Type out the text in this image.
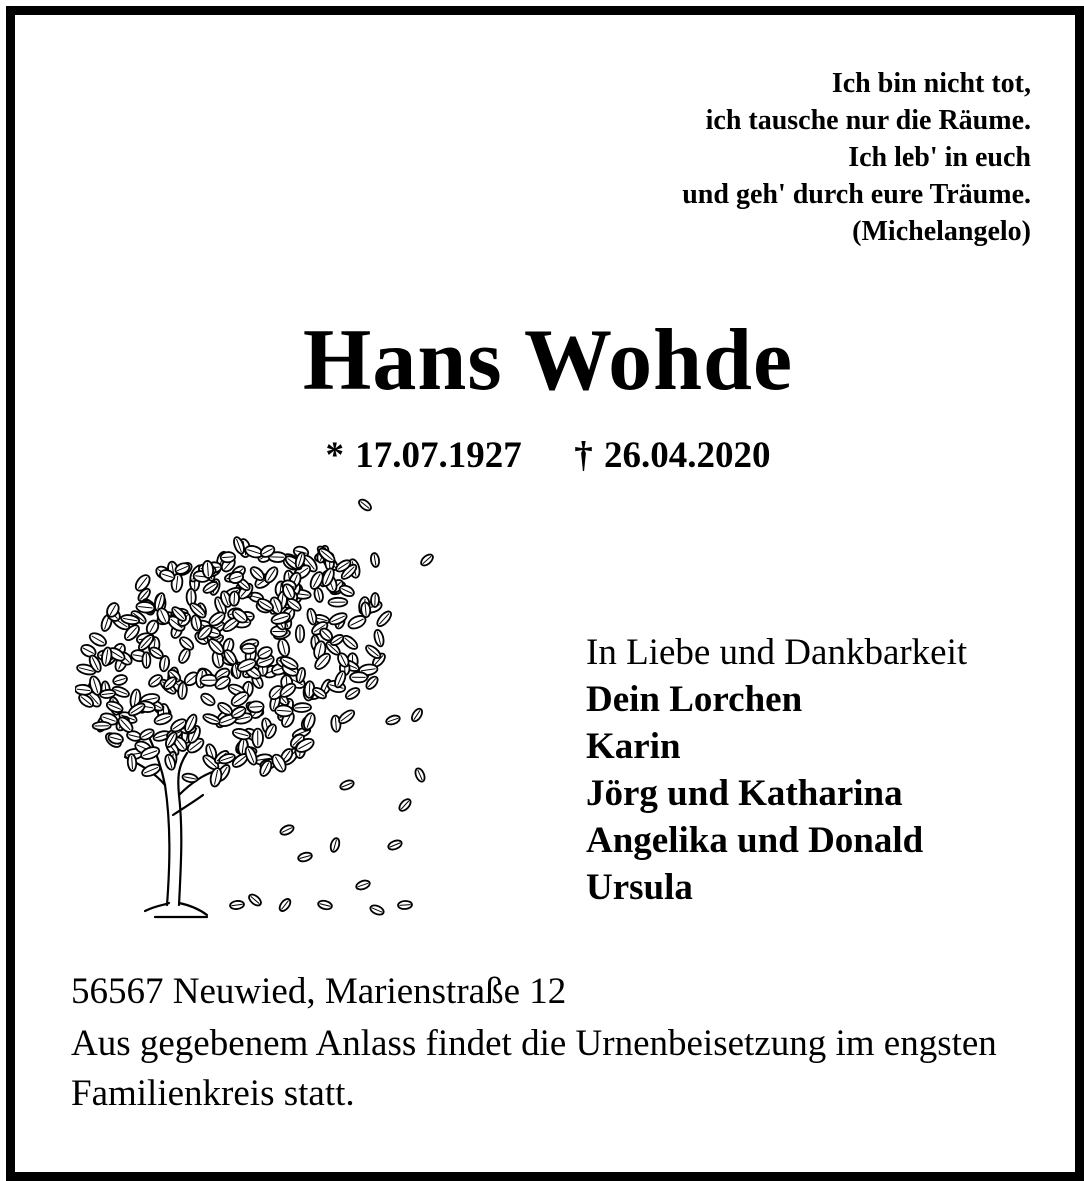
Ich bin nicht tot,
ich tausche nur die Räume.
Ich leb' in euch
und geh' durch eure Träume.
(Michelangelo)
Hans Wohde
* 17.07.1927 † 26.04.2020
In Liebe und Dankbarkeit
Dein Lorchen
Karin
Jörg und Katharina
Angelika und Donald
Ursula
56567 Neuwied, Marienstraße 12
Aus gegebenem Anlass findet die Urnenbeisetzung im engsten Familienkreis statt.
